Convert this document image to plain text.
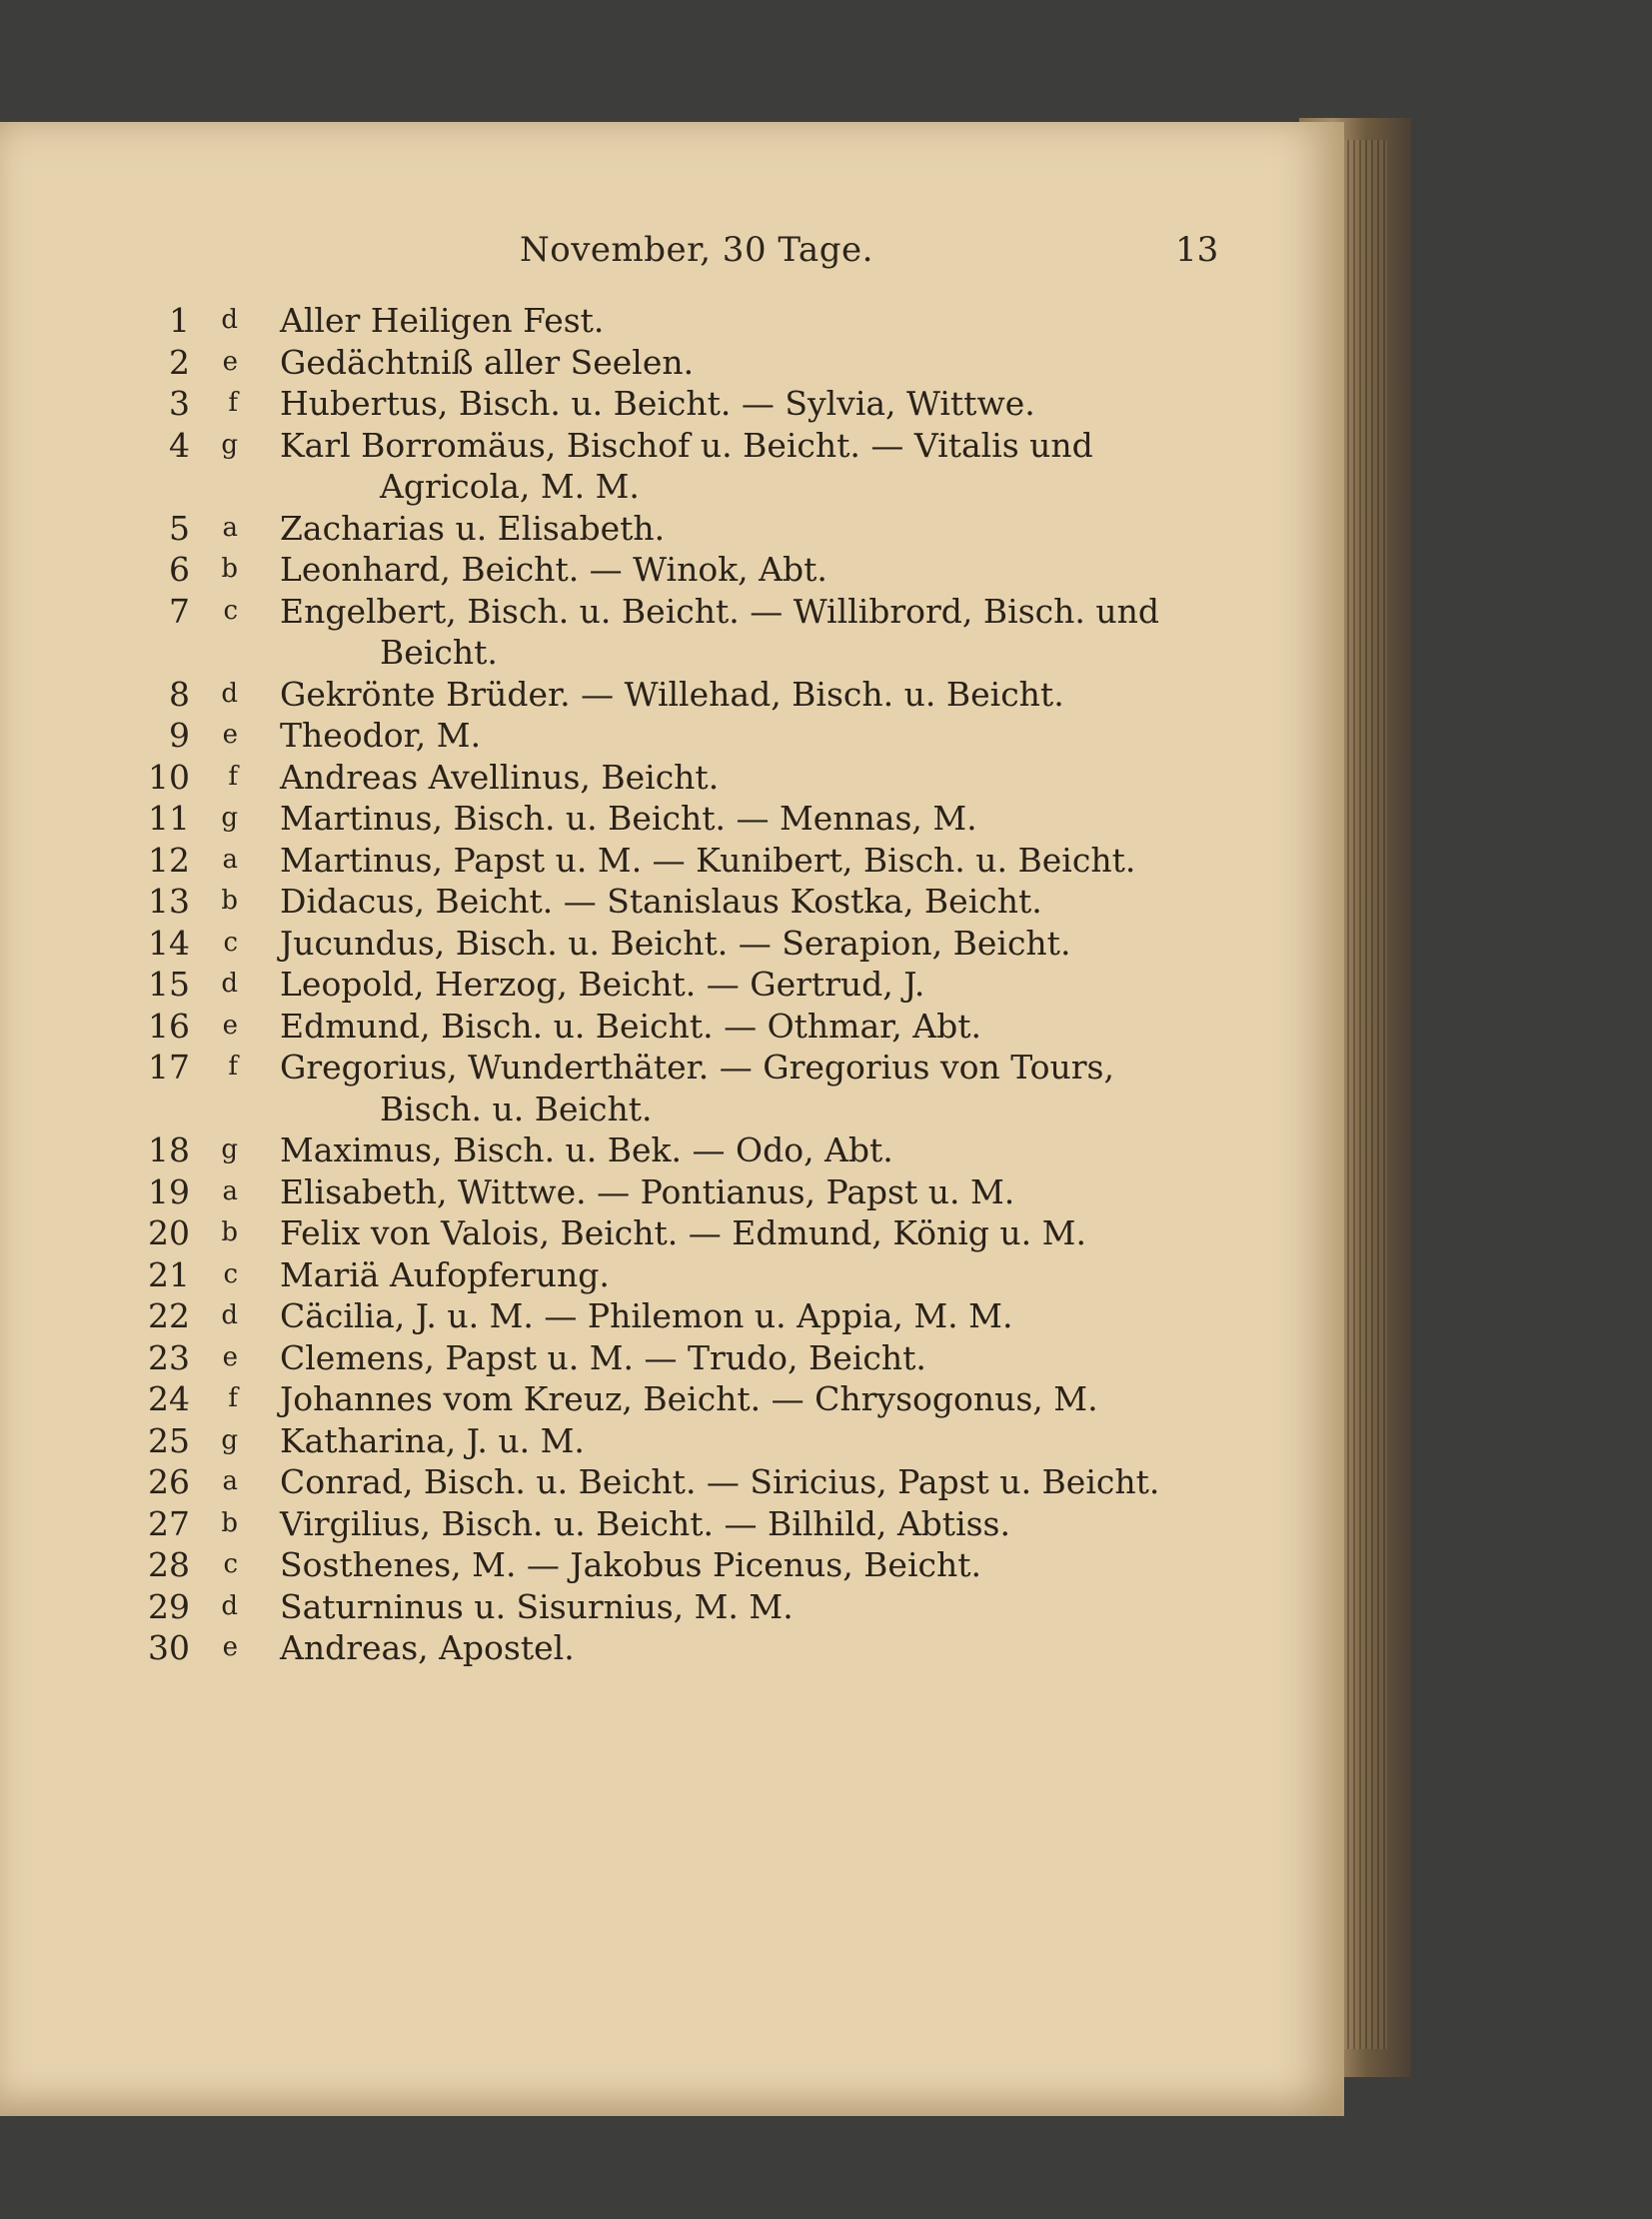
November, 30 Tage.	13
1	d	Aller Heiligen Fest.
2	e	Gedächtniß aller Seelen.
3	f	Hubertus, Bisch. u. Beicht. — Sylvia, Wittwe.
4	g	Karl Borromäus, Bischof u. Beicht. — Vitalis und
Agricola, M. M.
5	a	Zacharias u. Elisabeth.
6	b	Leonhard, Beicht. — Winok, Abt.
7	c	Engelbert, Bisch. u. Beicht. — Willibrord, Bisch. und
Beicht.
8	d	Gekrönte Brüder. — Willehad, Bisch. u. Beicht.
9	e	Theodor, M.
10	f	Andreas Avellinus, Beicht.
11	g	Martinus, Bisch. u. Beicht. — Mennas, M.
12	a	Martinus, Papst u. M. — Kunibert, Bisch. u. Beicht.
13	b	Didacus, Beicht. — Stanislaus Kostka, Beicht.
14	c	Jucundus, Bisch. u. Beicht. — Serapion, Beicht.
15	d	Leopold, Herzog, Beicht. — Gertrud, J.
16	e	Edmund, Bisch. u. Beicht. — Othmar, Abt.
17	f	Gregorius, Wunderthäter. — Gregorius von Tours,
Bisch. u. Beicht.
18	g	Maximus, Bisch. u. Bek. — Odo, Abt.
19	a	Elisabeth, Wittwe. — Pontianus, Papst u. M.
20	b	Felix von Valois, Beicht. — Edmund, König u. M.
21	c	Mariä Aufopferung.
22	d	Cäcilia, J. u. M. — Philemon u. Appia, M. M.
23	e	Clemens, Papst u. M. — Trudo, Beicht.
24	f	Johannes vom Kreuz, Beicht. — Chrysogonus, M.
25	g	Katharina, J. u. M.
26	a	Conrad, Bisch. u. Beicht. — Siricius, Papst u. Beicht.
27	b	Virgilius, Bisch. u. Beicht. — Bilhild, Abtiss.
28	c	Sosthenes, M. — Jakobus Picenus, Beicht.
29	d	Saturninus u. Sisurnius, M. M.
30	e	Andreas, Apostel.
